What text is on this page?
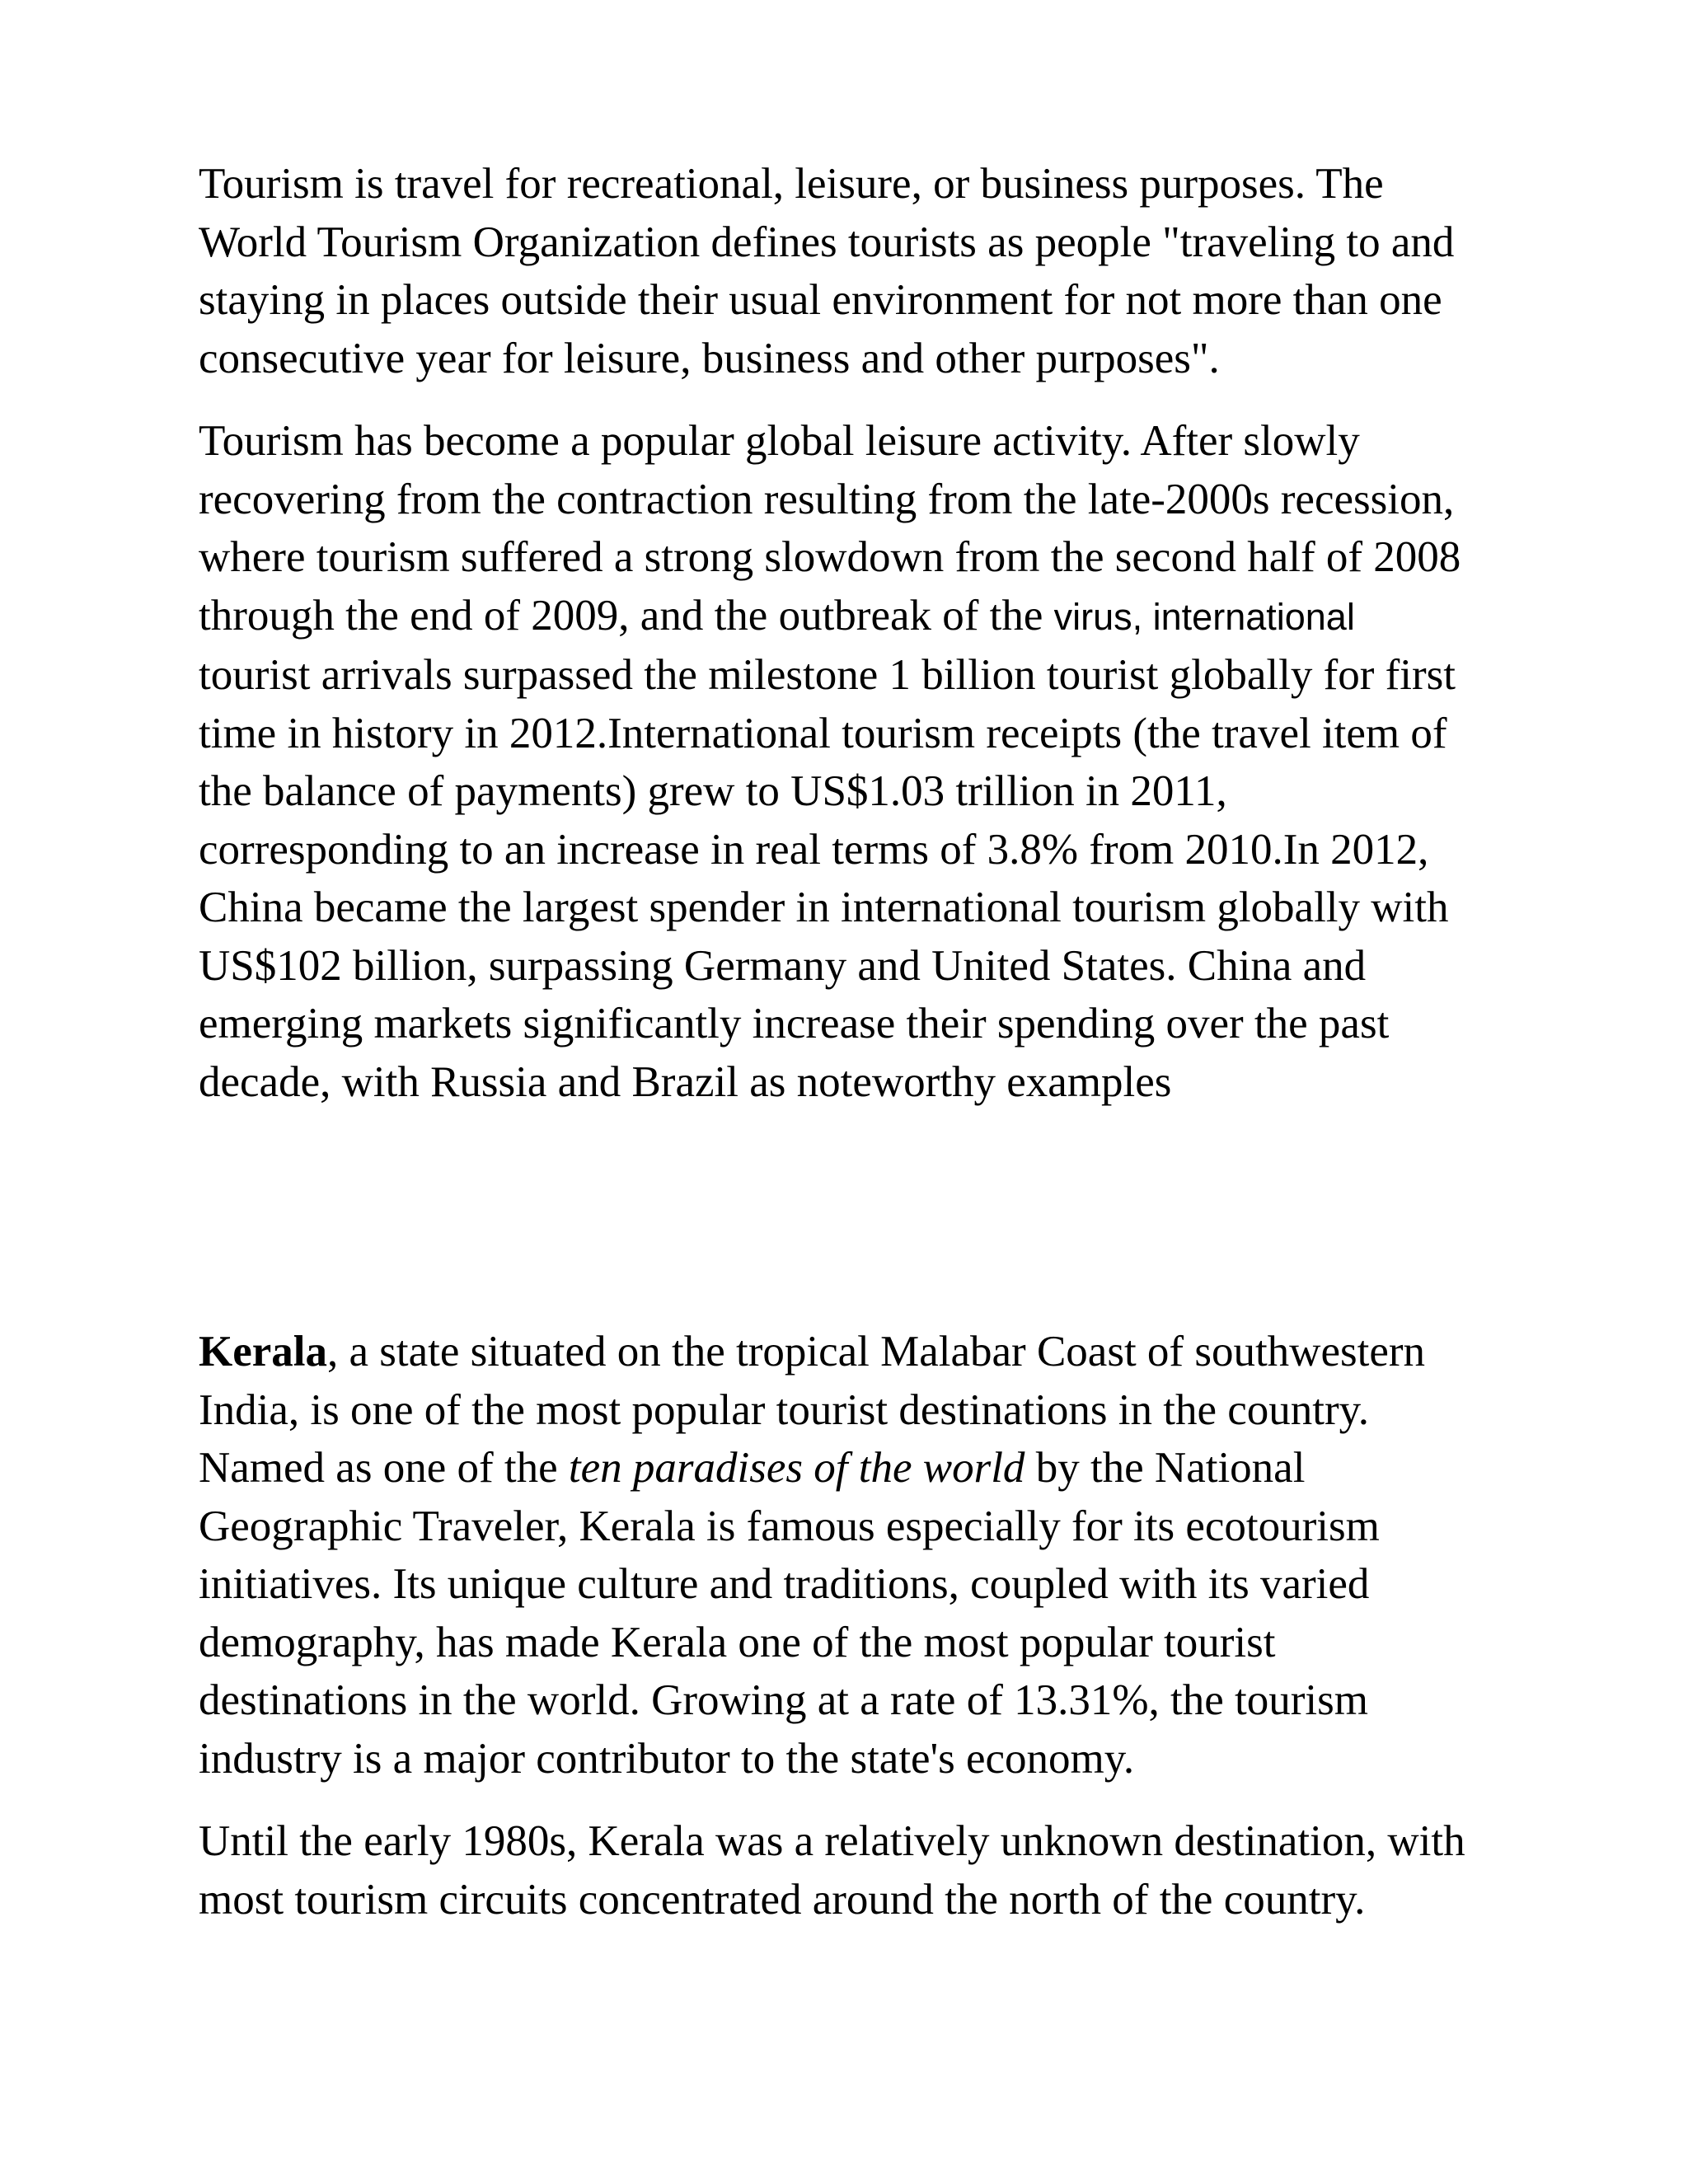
Tourism is travel for recreational, leisure, or business purposes. The
World Tourism Organization defines tourists as people "traveling to and
staying in places outside their usual environment for not more than one
consecutive year for leisure, business and other purposes".

Tourism has become a popular global leisure activity. After slowly
recovering from the contraction resulting from the late-2000s recession,
where tourism suffered a strong slowdown from the second half of 2008
through the end of 2009, and the outbreak of the virus, international
tourist arrivals surpassed the milestone 1 billion tourist globally for first
time in history in 2012.International tourism receipts (the travel item of
the balance of payments) grew to US$1.03 trillion in 2011,
corresponding to an increase in real terms of 3.8% from 2010.In 2012,
China became the largest spender in international tourism globally with
US$102 billion, surpassing Germany and United States. China and
emerging markets significantly increase their spending over the past
decade, with Russia and Brazil as noteworthy examples

Kerala, a state situated on the tropical Malabar Coast of southwestern
India, is one of the most popular tourist destinations in the country.
Named as one of the ten paradises of the world by the National
Geographic Traveler, Kerala is famous especially for its ecotourism
initiatives. Its unique culture and traditions, coupled with its varied
demography, has made Kerala one of the most popular tourist
destinations in the world. Growing at a rate of 13.31%, the tourism
industry is a major contributor to the state's economy.

Until the early 1980s, Kerala was a relatively unknown destination, with
most tourism circuits concentrated around the north of the country.
